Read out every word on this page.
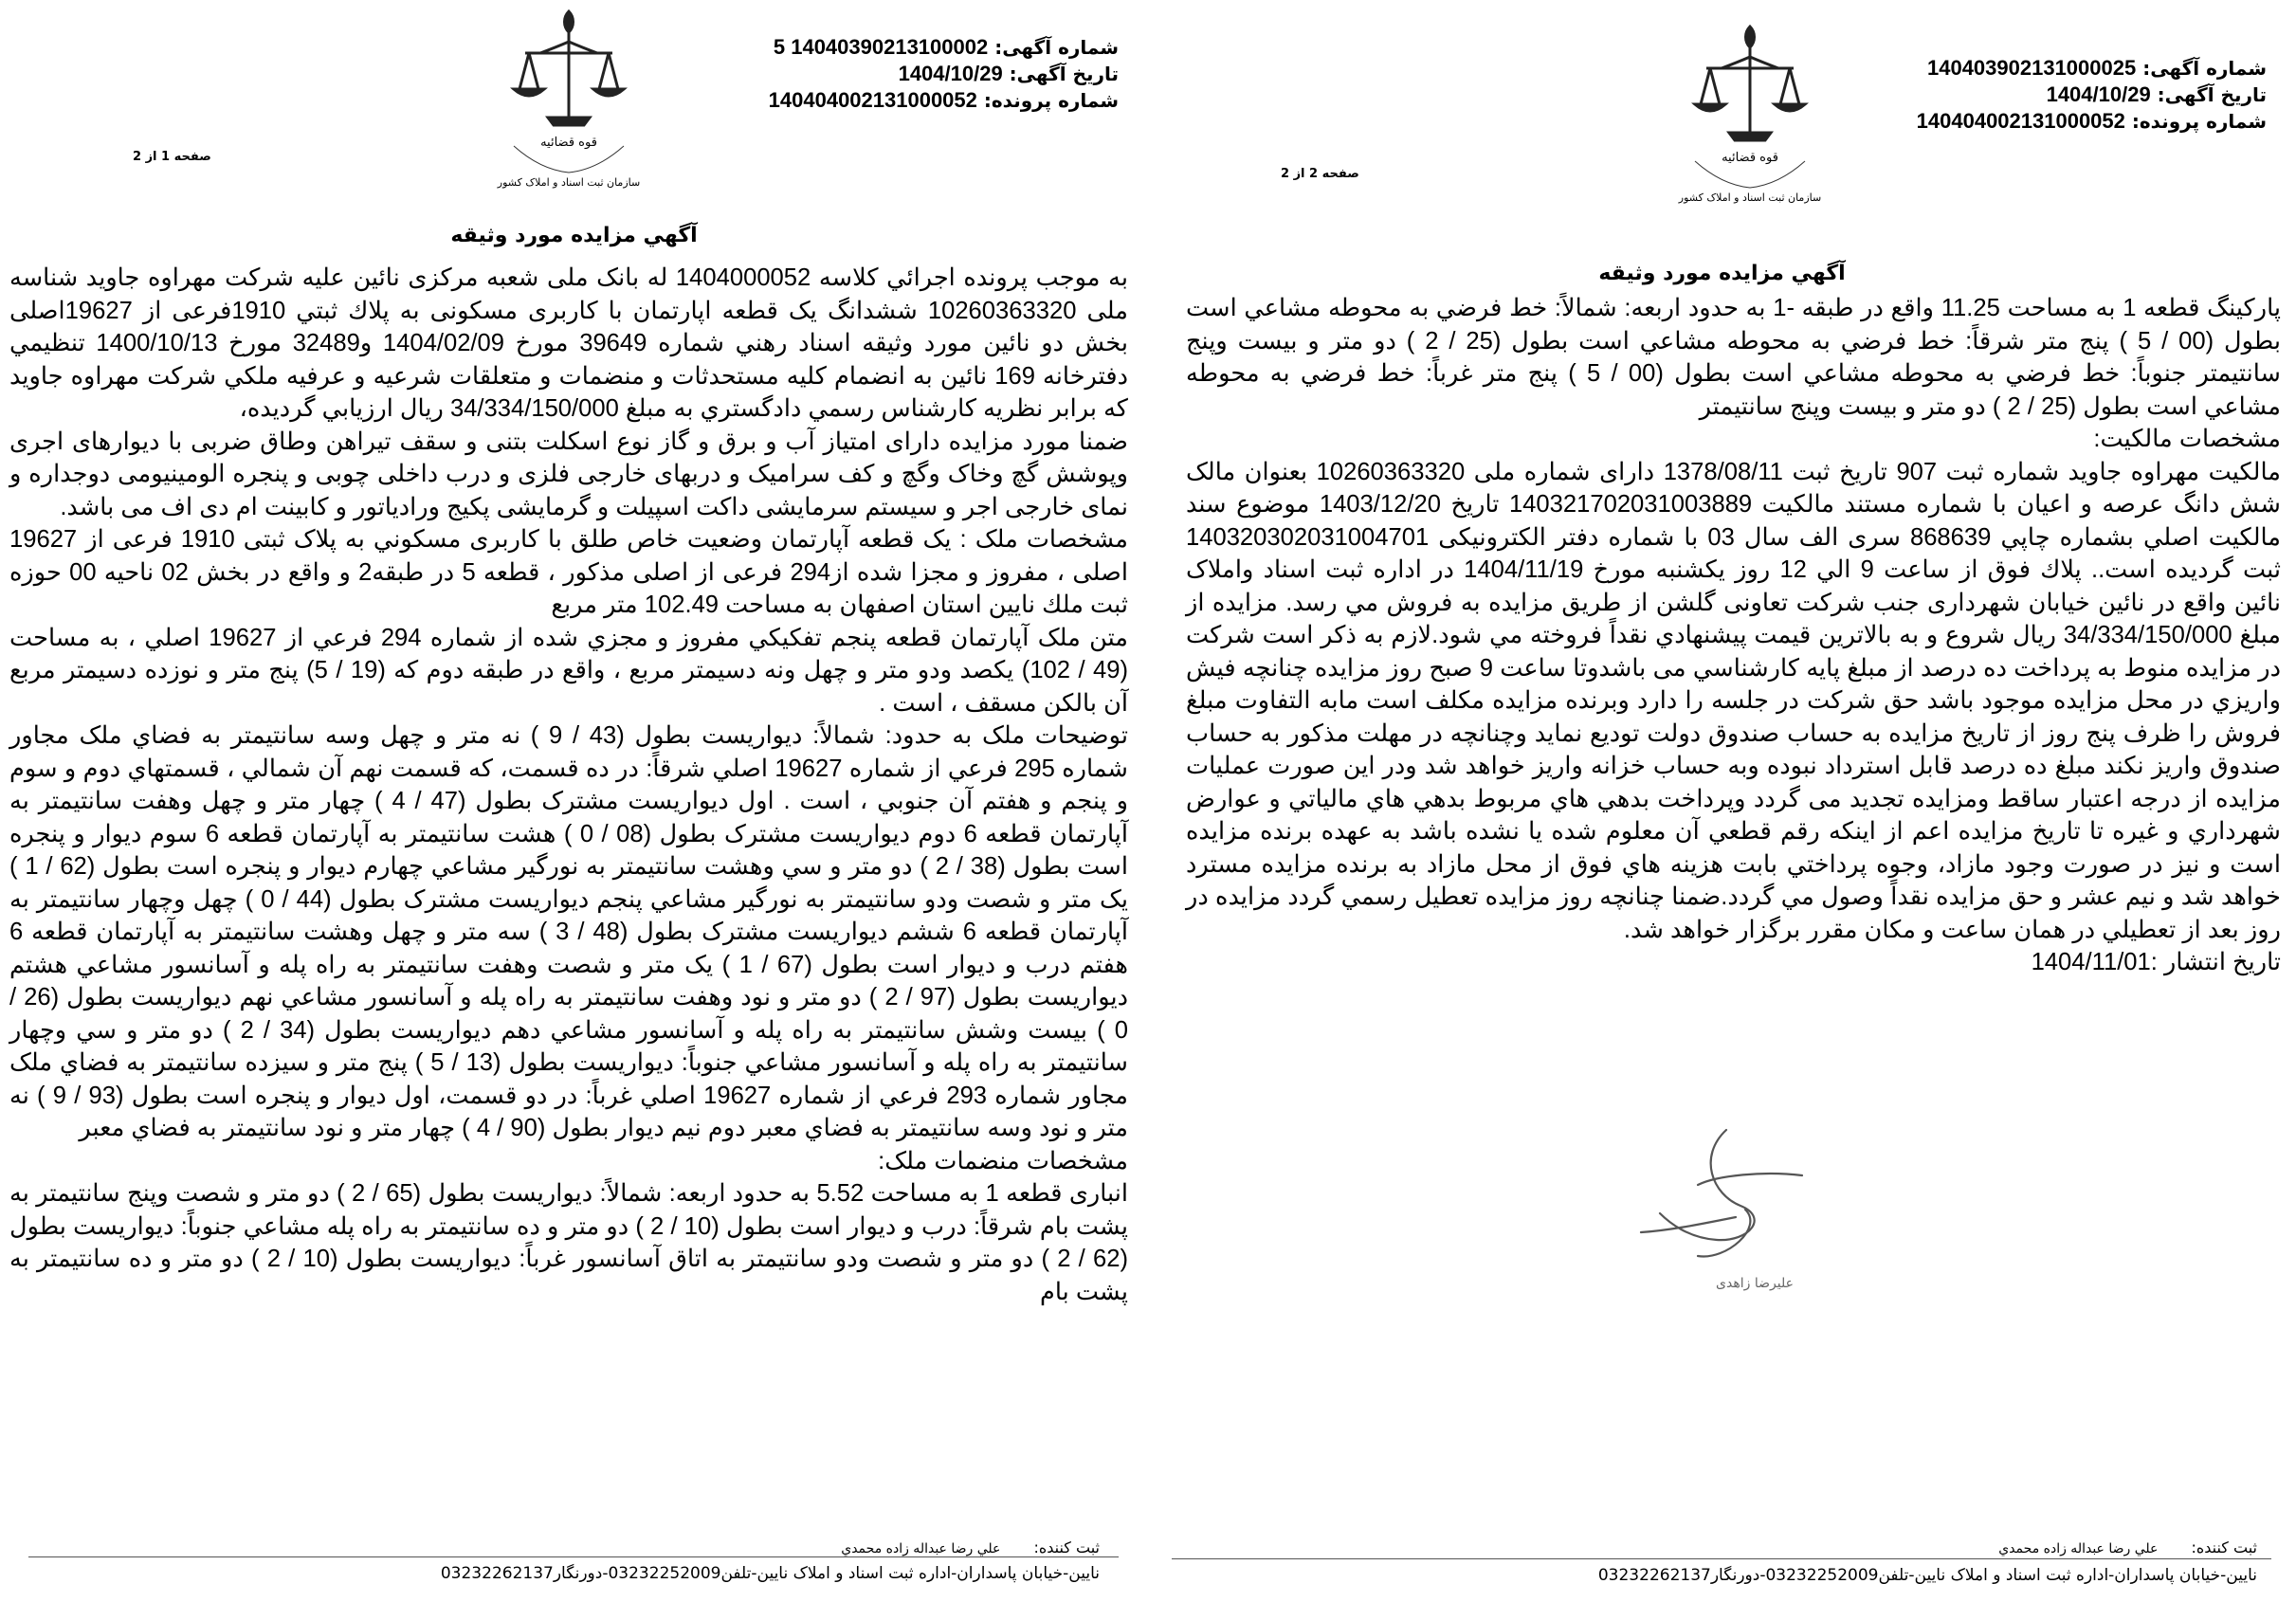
شماره آگهی: 14040390213100002 5
تاریخ آگهی: 1404/10/29
شماره پرونده: 140404002131000052
قوه قضائیه
سازمان ثبت اسناد و املاک کشور
صفحه 1 از 2
آگهي مزايده مورد وثيقه

به موجب پرونده اجرائي كلاسه 1404000052 له بانک ملی شعبه مرکزی نائین علیه شرکت مهراوه جاوید شناسه ملی 10260363320 ششدانگ یک قطعه اپارتمان با کاربری مسکونی به پلاك ثبتي 1910فرعی از 19627اصلی بخش دو نائین مورد وثیقه اسناد رهني شماره 39649 مورخ 1404/02/09 و32489 مورخ 1400/10/13 تنظيمي دفترخانه 169 نائین به انضمام كليه مستحدثات و منضمات و متعلقات شرعيه و عرفيه ملكي شرکت مهراوه جاوید كه برابر نظريه كارشناس رسمي دادگستري به مبلغ 34/334/150/000 ريال ارزيابي گرديده،

ضمنا مورد مزایده دارای امتیاز آب و برق و گاز نوع اسکلت بتنی و سقف تیراهن وطاق ضربی با دیوارهای اجری وپوشش گچ وخاک وگچ و کف سرامیک و دربهای خارجی فلزی و درب داخلی چوبی و پنجره الومینیومی دوجداره و نمای خارجی اجر و سیستم سرمایشی داکت اسپیلت و گرمایشی پکیج ورادیاتور و کابینت ام دی اف می باشد.

مشخصات ملک : یک قطعه آپارتمان وضعیت خاص طلق با کاربری مسکوني به پلاک ثبتی 1910 فرعی از 19627 اصلی ، مفروز و مجزا شده از294 فرعی از اصلی مذکور ، قطعه 5 در طبقه2 و واقع در بخش 02 ناحیه 00 حوزه ثبت ملك نايين استان اصفهان به مساحت 102.49 متر مربع

متن ملک آپارتمان قطعه پنجم تفکیکي مفروز و مجزي شده از شماره 294 فرعي از 19627 اصلي ، به مساحت (49 / 102) يکصد ودو متر و چهل ونه دسيمتر مربع ، واقع در طبقه دوم که (19 / 5) پنج متر و نوزده دسيمتر مربع آن بالکن مسقف ، است .

توضيحات ملک به حدود: شمالاً: ديواريست بطول (43 / 9 ) نه متر و چهل وسه سانتيمتر به فضاي ملک مجاور شماره 295 فرعي از شماره 19627 اصلي شرقاً: در ده قسمت، که قسمت نهم آن شمالي ، قسمتهاي دوم و سوم و پنجم و هفتم آن جنوبي ، است . اول ديواريست مشترک بطول (47 / 4 ) چهار متر و چهل وهفت سانتيمتر به آپارتمان قطعه 6 دوم ديواريست مشترک بطول (08 / 0 ) هشت سانتيمتر به آپارتمان قطعه 6 سوم ديوار و پنجره است بطول (38 / 2 ) دو متر و سي وهشت سانتيمتر به نورگير مشاعي چهارم ديوار و پنجره است بطول (62 / 1 ) يک متر و شصت ودو سانتيمتر به نورگير مشاعي پنجم ديواريست مشترک بطول (44 / 0 ) چهل وچهار سانتيمتر به آپارتمان قطعه 6 ششم ديواريست مشترک بطول (48 / 3 ) سه متر و چهل وهشت سانتيمتر به آپارتمان قطعه 6 هفتم درب و ديوار است بطول (67 / 1 ) يک متر و شصت وهفت سانتيمتر به راه پله و آسانسور مشاعي هشتم ديواريست بطول (97 / 2 ) دو متر و نود وهفت سانتيمتر به راه پله و آسانسور مشاعي نهم ديواريست بطول (26 / 0 ) بيست وشش سانتيمتر به راه پله و آسانسور مشاعي دهم ديواريست بطول (34 / 2 ) دو متر و سي وچهار سانتيمتر به راه پله و آسانسور مشاعي جنوباً: ديواريست بطول (13 / 5 ) پنج متر و سيزده سانتيمتر به فضاي ملک مجاور شماره 293 فرعي از شماره 19627 اصلي غرباً: در دو قسمت، اول ديوار و پنجره است بطول (93 / 9 ) نه متر و نود وسه سانتيمتر به فضاي معبر دوم نيم ديوار بطول (90 / 4 ) چهار متر و نود سانتيمتر به فضاي معبر

مشخصات منضمات ملک:

انباری قطعه 1 به مساحت 5.52 به حدود اربعه: شمالاً: ديواريست بطول (65 / 2 ) دو متر و شصت وپنج سانتيمتر به پشت بام شرقاً: درب و ديوار است بطول (10 / 2 ) دو متر و ده سانتيمتر به راه پله مشاعي جنوباً: ديواريست بطول (62 / 2 ) دو متر و شصت ودو سانتيمتر به اتاق آسانسور غرباً: ديواريست بطول (10 / 2 ) دو متر و ده سانتيمتر به پشت بام

ثبت كننده: علي رضا عبداله زاده محمدي
نایین-خیابان پاسداران-اداره ثبت اسناد و املاک نایین-تلفن03232252009-دورنگار03232262137
شماره آگهی: 140403902131000025
تاریخ آگهی: 1404/10/29
شماره پرونده: 140404002131000052
قوه قضائیه
سازمان ثبت اسناد و املاک کشور
صفحه 2 از 2
آگهي مزايده مورد وثيقه

پارکینگ قطعه 1 به مساحت 11.25 واقع در طبقه -1 به حدود اربعه: شمالاً: خط فرضي به محوطه مشاعي است بطول (00 / 5 ) پنج متر شرقاً: خط فرضي به محوطه مشاعي است بطول (25 / 2 ) دو متر و بيست وپنج سانتيمتر جنوباً: خط فرضي به محوطه مشاعي است بطول (00 / 5 ) پنج متر غرباً: خط فرضي به محوطه مشاعي است بطول (25 / 2 ) دو متر و بيست وپنج سانتيمتر

مشخصات مالکیت:

مالکیت مهراوه جاوید شماره ثبت 907 تاریخ ثبت 1378/08/11 دارای شماره ملی 10260363320 بعنوان مالک شش دانگ عرصه و اعیان با شماره مستند مالکیت 140321702031003889 تاریخ 1403/12/20 موضوع سند مالکیت اصلي بشماره چاپي 868639 سری الف سال 03 با شماره دفتر الکترونیکی 140320302031004701 ثبت گرديده است.. پلاك فوق از ساعت 9 الي 12 روز يكشنبه مورخ 1404/11/19 در اداره ثبت اسناد واملاک نائین واقع در نائین خیابان شهرداری جنب شرکت تعاونی گلشن از طريق مزايده به فروش مي رسد. مزايده از مبلغ 34/334/150/000 ريال شروع و به بالاترين قيمت پيشنهادي نقداً فروخته مي شود.لازم به ذكر است شركت در مزايده منوط به پرداخت ده درصد از مبلغ پايه كارشناسي مى باشدوتا ساعت 9 صبح روز مزايده چنانچه فيش واريزي در محل مزايده موجود باشد حق شركت در جلسه را دارد وبرنده مزايده مكلف است مابه التفاوت مبلغ فروش را ظرف پنج روز از تاريخ مزايده به حساب صندوق دولت توديع نمايد وچنانچه در مهلت مذكور به حساب صندوق واريز نكند مبلغ ده درصد قابل استرداد نبوده وبه حساب خزانه واريز خواهد شد ودر اين صورت عمليات مزايده از درجه اعتبار ساقط ومزايده تجديد مى گردد وپرداخت بدهي هاي مربوط بدهي هاي مالياتي و عوارض شهرداري و غيره تا تاريخ مزايده اعم از اينكه رقم قطعي آن معلوم شده يا نشده باشد به عهده برنده مزايده است و نيز در صورت وجود مازاد، وجوه پرداختي بابت هزينه هاي فوق از محل مازاد به برنده مزايده مسترد خواهد شد و نيم عشر و حق مزايده نقداً وصول مي گردد.ضمنا چنانچه روز مزايده تعطيل رسمي گردد مزايده در روز بعد از تعطيلي در همان ساعت و مكان مقرر برگزار خواهد شد.

تاريخ انتشار :1404/11/01

علیرضا زاهدی
ثبت كننده: علي رضا عبداله زاده محمدي
نایین-خیابان پاسداران-اداره ثبت اسناد و املاک نایین-تلفن03232252009-دورنگار03232262137
